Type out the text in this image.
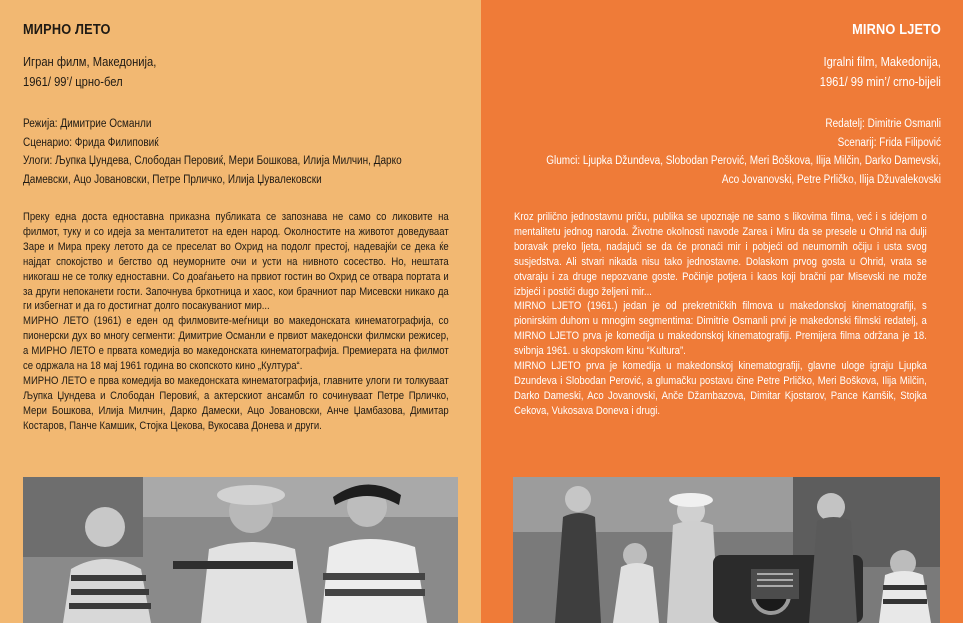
МИРНО ЛЕТО
Игран филм, Македонија,
1961/ 99’/ црно-бел
Режија: Димитрие Османли
Сценарио: Фрида Филиповиќ
Улоги: Љупка Џундева, Слободан Перовиќ, Мери Бошкова, Илија Милчин, Дарко
Дамевски, Ацо Јовановски, Петре Прличко, Илија Џувалековски

Преку една доста едноставна приказна публиката се запознава не само со ликовите на филмот, туку и со идеја за менталитетот на еден народ. Околностите на животот доведуваат Заре и Мира преку летото да се преселат во Охрид на подолг престој, надевајќи се дека ќе најдат спокојство и бегство од неуморните очи и усти на нивното сосество. Но, нештата никогаш не се толку едноставни. Со доаѓањето на првиот гостин во Охрид се отвара портата и за други непоканети гости. Започнува бркотница и хаос, кои брачниот пар Мисевски никако да ги избегнат и да го достигнат долго посакуваниот мир...

МИРНО ЛЕТО (1961) е еден од филмовите-меѓници во македонската кинематографија, со пионерски дух во многу сегменти: Димитрие Османли е првиот македонски филмски режисер, а МИРНО ЛЕТО е првата комедија во македонската кинематографија. Премиерата на филмот се одржала на 18 мај 1961 година во скопското кино „Култура“.

МИРНО ЛЕТО е прва комедија во македонската кинематографија, главните улоги ги толкуваат Љупка Џундева и Слободан Перовиќ, а актерскиот ансамбл го сочинуваат Петре Прличко, Мери Бошкова, Илија Милчин, Дарко Дамески, Ацо Јовановски, Анче Џамбазова, Димитар Костаров, Панче Камшик, Стојка Цекова, Вукосава Донева и други.

MIRNO LJETO
Igralni film, Makedonija,
1961/ 99 min’/ crno-bijeli
Redatelj: Dimitrie Osmanli
Scenarij: Frida Filipović
Glumci: Ljupka Džundeva, Slobodan Perović, Meri Boškova, Ilija Milčin, Darko Damevski,
Aco Jovanovski, Petre Prličko, Ilija Džuvalekovski

Kroz prilično jednostavnu priču, publika se upoznaje ne samo s likovima filma, već i s idejom o mentalitetu jednog naroda. Životne okolnosti navode Zarea i Miru da se presele u Ohrid na dulji boravak preko ljeta, nadajući se da će pronaći mir i pobjeći od neumornih očiju i usta svog susjedstva. Ali stvari nikada nisu tako jednostavne. Dolaskom prvog gosta u Ohrid, vrata se otvaraju i za druge nepozvane goste. Počinje potjera i kaos koji bračni par Misevski ne može izbjeći i postići dugo željeni mir...

MIRNO LJETO (1961.) jedan je od prekretničkih filmova u makedonskoj kinematografiji, s pionirskim duhom u mnogim segmentima: Dimitrie Osmanli prvi je makedonski filmski redatelj, a MIRNO LJETO prva je komedija u makedonskoj kinematografiji. Premijera filma održana je 18. svibnja 1961. u skopskom kinu “Kultura”.

MIRNO LJETO prva je komedija u makedonskoj kinematografiji, glavne uloge igraju Ljupka Dzundeva i Slobodan Perović, a glumačku postavu čine Petre Prličko, Meri Boškova, Ilija Milčin, Darko Dameski, Aco Jovanovski, Anče Džambazova, Dimitar Kjostarov, Pance Kamšik, Stojka Cekova, Vukosava Doneva i drugi.
